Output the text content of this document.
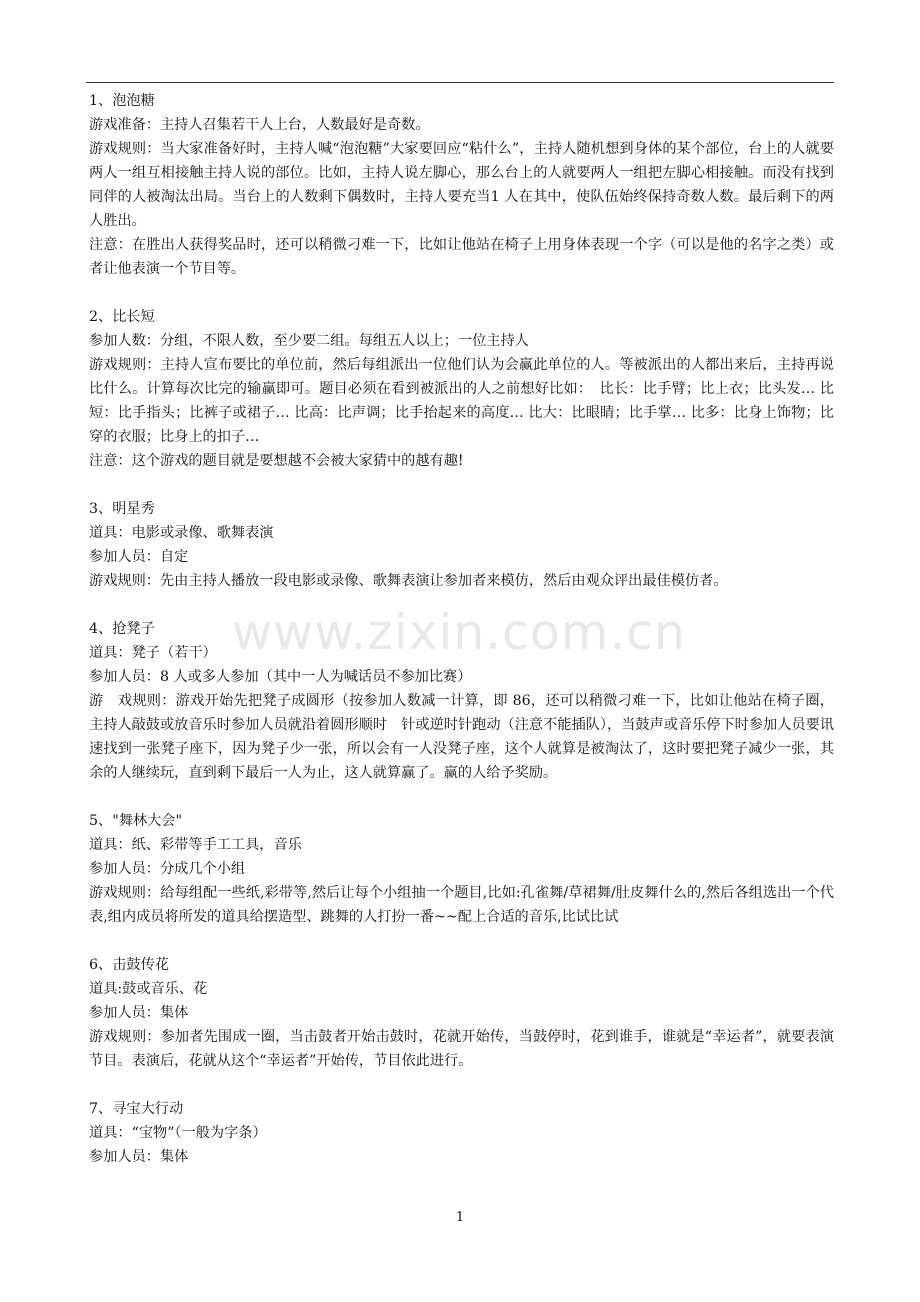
1、泡泡糖

游戏准备：主持人召集若干人上台，人数最好是奇数。

游戏规则：当大家准备好时，主持人喊“泡泡糖”大家要回应“粘什么”，主持人随机想到身体的某个部位，台上的人就要两人一组互相接触主持人说的部位。比如，主持人说左脚心，那么台上的人就要两人一组把左脚心相接触。而没有找到同伴的人被淘汰出局。当台上的人数剩下偶数时，主持人要充当1 人在其中，使队伍始终保持奇数人数。最后剩下的两人胜出。

注意：在胜出人获得奖品时，还可以稍微刁难一下，比如让他站在椅子上用身体表现一个字（可以是他的名字之类）或者让他表演一个节目等。

2、比长短

参加人数：分组，不限人数，至少要二组。每组五人以上；一位主持人

游戏规则：主持人宣布要比的单位前，然后每组派出一位他们认为会赢此单位的人。等被派出的人都出来后，主持再说比什么。计算每次比完的输赢即可。题目必须在看到被派出的人之前想好比如：　比长：比手臂；比上衣；比头发… 比短：比手指头；比裤子或裙子… 比高：比声调；比手抬起来的高度… 比大：比眼睛；比手掌… 比多：比身上饰物；比穿的衣服；比身上的扣子…

注意：这个游戏的题目就是要想越不会被大家猜中的越有趣!

3、明星秀

道具：电影或录像、歌舞表演

参加人员：自定

游戏规则：先由主持人播放一段电影或录像、歌舞表演让参加者来模仿，然后由观众评出最佳模仿者。

4、抢凳子

道具：凳子（若干）

参加人员：8 人或多人参加（其中一人为喊话员不参加比赛）

游　戏规则：游戏开始先把凳子成圆形（按参加人数减一计算，即 86，还可以稍微刁难一下，比如让他站在椅子圈，主持人敲鼓或放音乐时参加人员就沿着圆形顺时　针或逆时针跑动（注意不能插队），当鼓声或音乐停下时参加人员要讯速找到一张凳子座下，因为凳子少一张，所以会有一人没凳子座，这个人就算是被淘汰了，这时要把凳子减少一张，其余的人继续玩，直到剩下最后一人为止，这人就算赢了。赢的人给予奖励。

5、"舞林大会"

道具：纸、彩带等手工工具，音乐

参加人员：分成几个小组

游戏规则：给每组配一些纸,彩带等,然后让每个小组抽一个题目,比如:孔雀舞/草裙舞/肚皮舞什么的,然后各组选出一个代表,组内成员将所发的道具给摆造型、跳舞的人打扮一番~~配上合适的音乐,比试比试

6、击鼓传花

道具:鼓或音乐、花

参加人员：集体

游戏规则：参加者先围成一圈，当击鼓者开始击鼓时，花就开始传，当鼓停时，花到谁手，谁就是“幸运者”，就要表演节目。表演后，花就从这个“幸运者”开始传，节目依此进行。

7、寻宝大行动

道具：“宝物”（一般为字条）

参加人员：集体

www.zixin.com.cn
1
